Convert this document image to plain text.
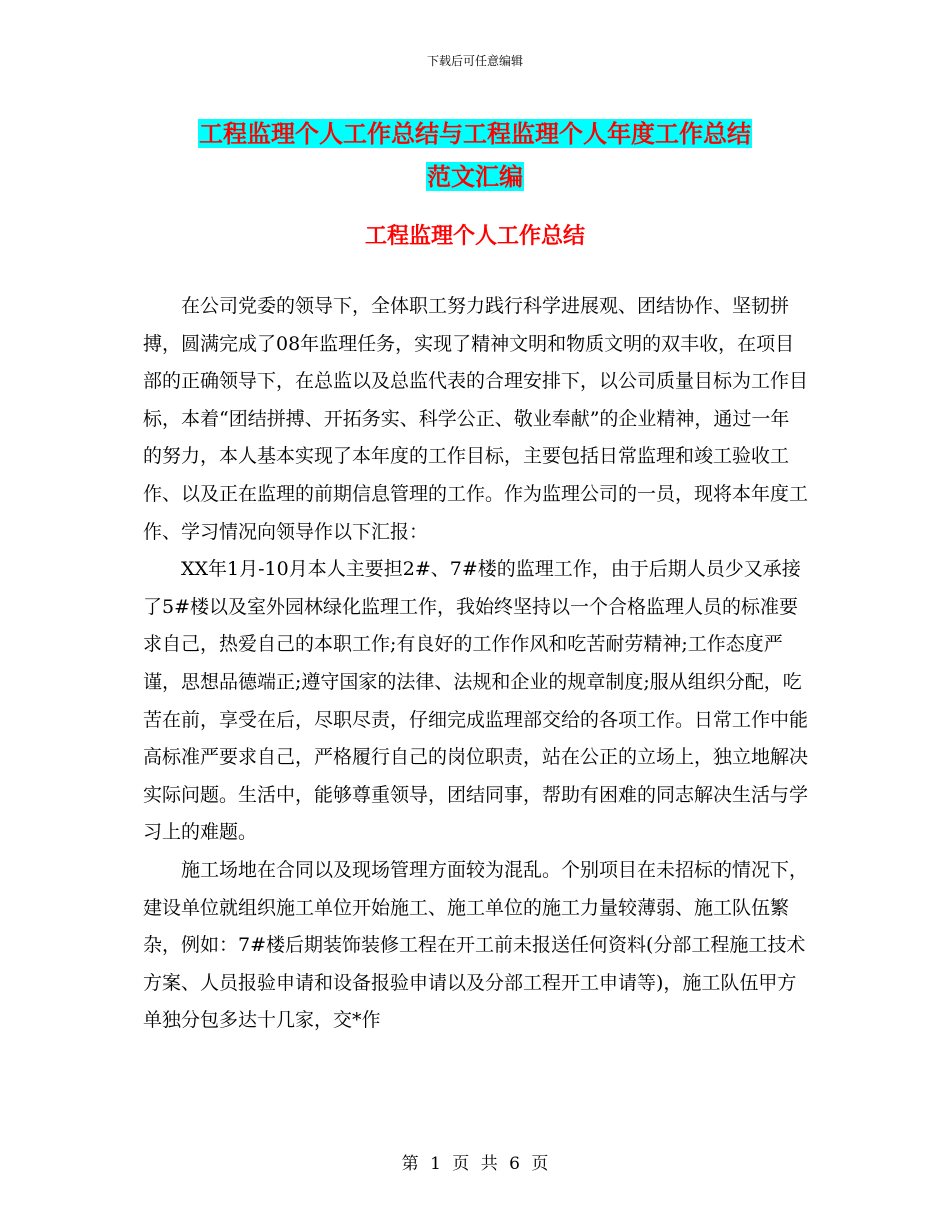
下载后可任意编辑
工程监理个人工作总结与工程监理个人年度工作总结
范文汇编
工程监理个人工作总结

在公司党委的领导下，全体职工努力践行科学进展观、团结协作、坚韧拼搏，圆满完成了08年监理任务，实现了精神文明和物质文明的双丰收，在项目部的正确领导下，在总监以及总监代表的合理安排下，以公司质量目标为工作目标，本着“团结拼搏、开拓务实、科学公正、敬业奉献”的企业精神，通过一年的努力，本人基本实现了本年度的工作目标，主要包括日常监理和竣工验收工作、以及正在监理的前期信息管理的工作。作为监理公司的一员，现将本年度工作、学习情况向领导作以下汇报：

XX年1月-10月本人主要担2#、7#楼的监理工作，由于后期人员少又承接了5#楼以及室外园林绿化监理工作，我始终坚持以一个合格监理人员的标准要求自己，热爱自己的本职工作;有良好的工作作风和吃苦耐劳精神;工作态度严谨，思想品德端正;遵守国家的法律、法规和企业的规章制度;服从组织分配，吃苦在前，享受在后，尽职尽责，仔细完成监理部交给的各项工作。日常工作中能高标准严要求自己，严格履行自己的岗位职责，站在公正的立场上，独立地解决实际问题。生活中，能够尊重领导，团结同事，帮助有困难的同志解决生活与学习上的难题。

施工场地在合同以及现场管理方面较为混乱。个别项目在未招标的情况下，建设单位就组织施工单位开始施工、施工单位的施工力量较薄弱、施工队伍繁杂，例如：7#楼后期装饰装修工程在开工前未报送任何资料(分部工程施工技术方案、人员报验申请和设备报验申请以及分部工程开工申请等)，施工队伍甲方单独分包多达十几家，交*作

第 1 页 共 6 页
